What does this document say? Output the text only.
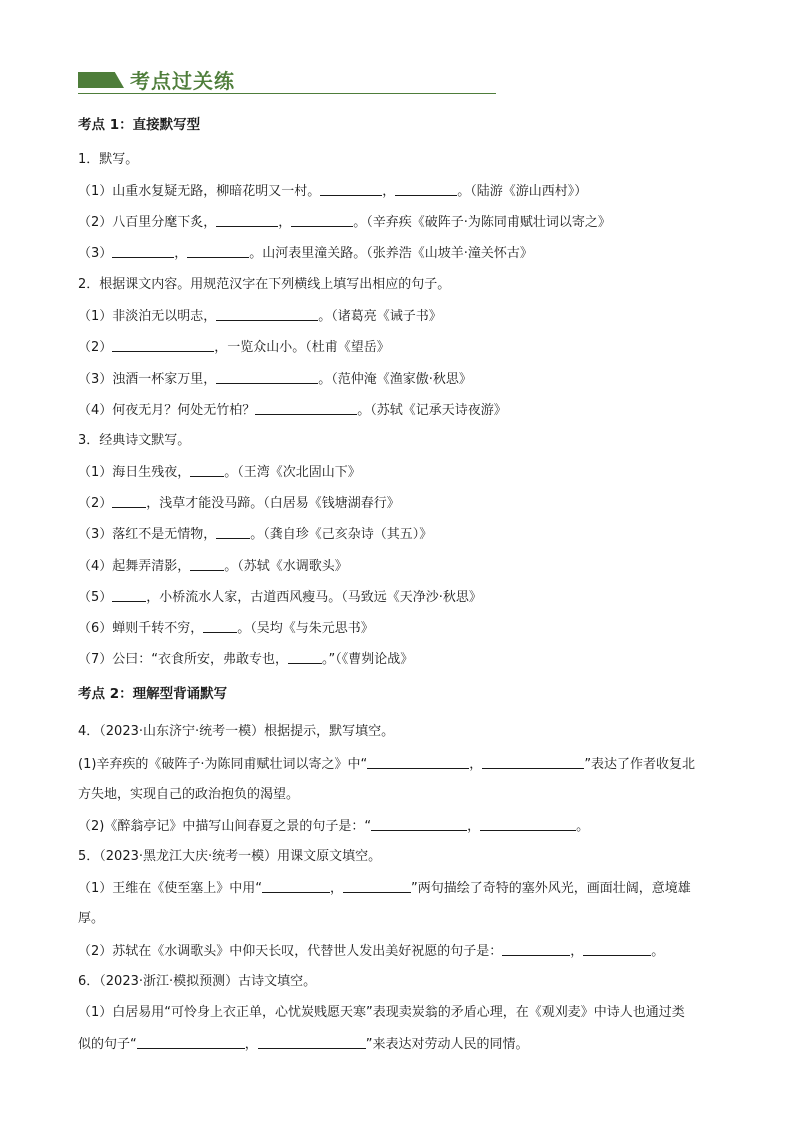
考点过关练
考点 1：直接默写型
1．默写。
（1）山重水复疑无路，柳暗花明又一村。	，	。（陆游《游山西村》）
（2）八百里分麾下炙，	，	。（辛弃疾《破阵子·为陈同甫赋壮词以寄之》
（3）	，	。山河表里潼关路。（张养浩《山坡羊·潼关怀古》
2．根据课文内容。用规范汉字在下列横线上填写出相应的句子。
（1）非淡泊无以明志，	。（诸葛亮《诫子书》
（2）	，一览众山小。（杜甫《望岳》
（3）浊酒一杯家万里，	。（范仲淹《渔家傲·秋思》
（4）何夜无月？何处无竹柏？	。（苏轼《记承天诗夜游》
3．经典诗文默写。
（1）海日生残夜，	。（王湾《次北固山下》
（2）	，浅草才能没马蹄。（白居易《钱塘湖春行》
（3）落红不是无情物，	。（龚自珍《己亥杂诗（其五）》
（4）起舞弄清影，	。（苏轼《水调歌头》
（5）	，小桥流水人家，古道西风瘦马。（马致远《天净沙·秋思》
（6）蝉则千转不穷，	。（吴均《与朱元思书》
（7）公曰：“衣食所安，弗敢专也，	。”（《曹刿论战》
考点 2：理解型背诵默写
4．（2023·山东济宁·统考一模）根据提示，默写填空。
(1)辛弃疾的《破阵子·为陈同甫赋壮词以寄之》中“	，	”表达了作者收复北
方失地，实现自己的政治抱负的渴望。
（2)《醉翁亭记》中描写山间春夏之景的句子是：“	，	。
5．（2023·黑龙江大庆·统考一模）用课文原文填空。
（1）王维在《使至塞上》中用“	，	”两句描绘了奇特的塞外风光，画面壮阔，意境雄
厚。
（2）苏轼在《水调歌头》中仰天长叹，代替世人发出美好祝愿的句子是：	，	。
6．（2023·浙江·模拟预测）古诗文填空。
（1）白居易用“可怜身上衣正单，心忧炭贱愿天寒”表现卖炭翁的矛盾心理，在《观刈麦》中诗人也通过类
似的句子“	，	”来表达对劳动人民的同情。
